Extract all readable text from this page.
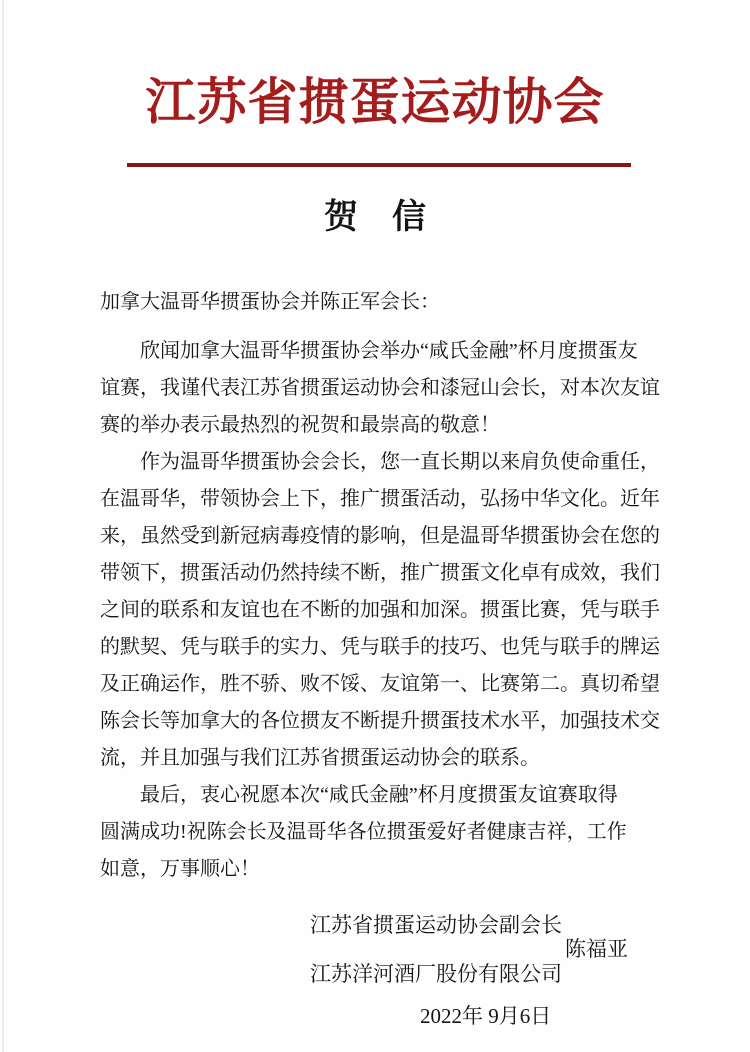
江苏省掼蛋运动协会
贺　信

加拿大温哥华掼蛋协会并陈正军会长：

欣闻加拿大温哥华掼蛋协会举办“咸氏金融”杯月度掼蛋友
谊赛，我谨代表江苏省掼蛋运动协会和漆冠山会长，对本次友谊
赛的举办表示最热烈的祝贺和最崇高的敬意！
作为温哥华掼蛋协会会长，您一直长期以来肩负使命重任，
在温哥华，带领协会上下，推广掼蛋活动，弘扬中华文化。近年
来，虽然受到新冠病毒疫情的影响，但是温哥华掼蛋协会在您的
带领下，掼蛋活动仍然持续不断，推广掼蛋文化卓有成效，我们
之间的联系和友谊也在不断的加强和加深。掼蛋比赛，凭与联手
的默契、凭与联手的实力、凭与联手的技巧、也凭与联手的牌运
及正确运作，胜不骄、败不馁、友谊第一、比赛第二。真切希望
陈会长等加拿大的各位掼友不断提升掼蛋技术水平，加强技术交
流，并且加强与我们江苏省掼蛋运动协会的联系。
最后，衷心祝愿本次“咸氏金融”杯月度掼蛋友谊赛取得
圆满成功!祝陈会长及温哥华各位掼蛋爱好者健康吉祥，工作
如意，万事顺心！
江苏省掼蛋运动协会副会长
陈福亚
江苏洋河酒厂股份有限公司
2022年 9月6日
